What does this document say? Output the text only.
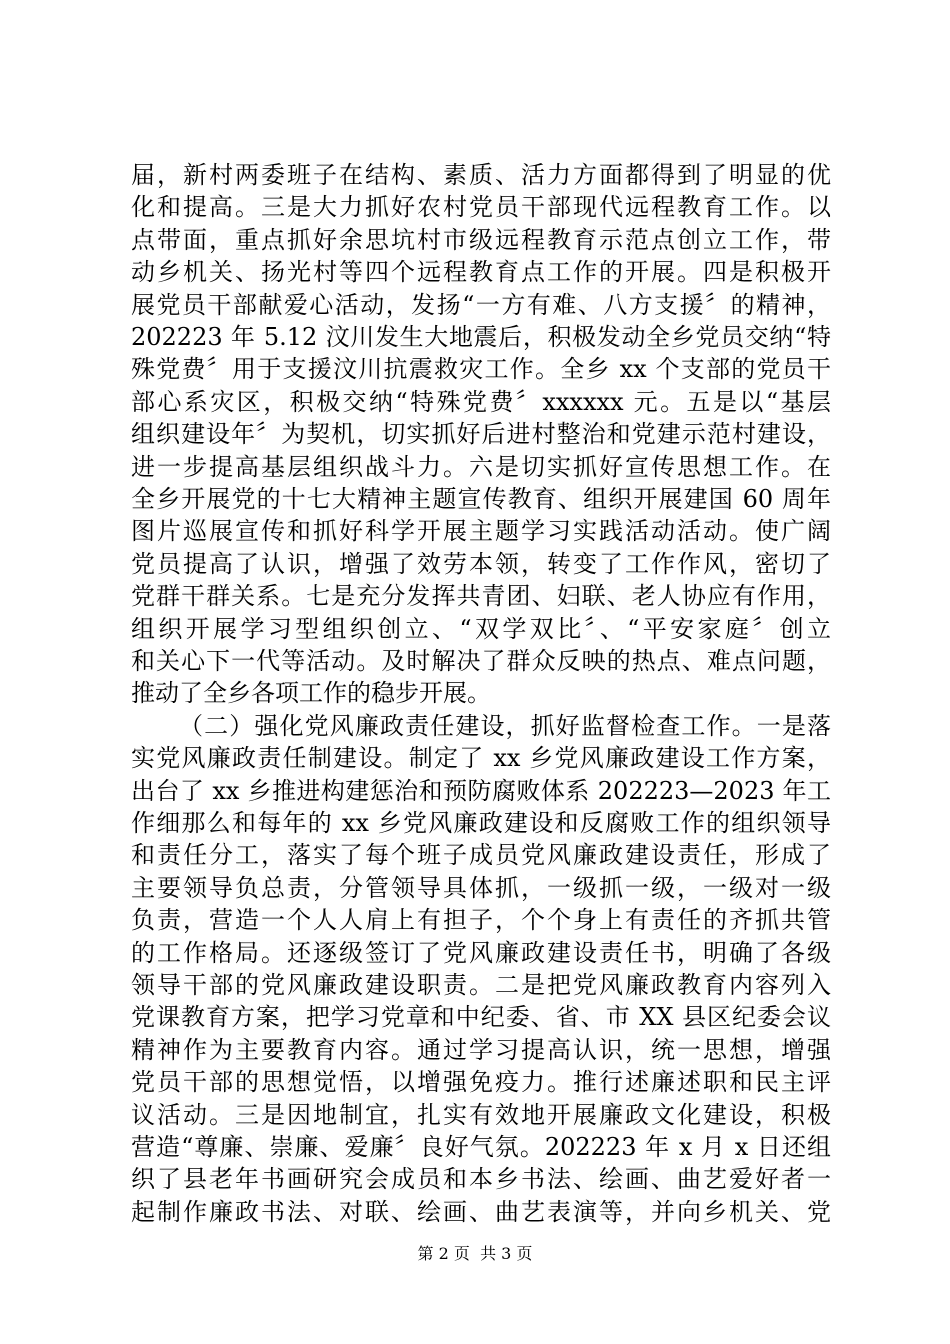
届，新村两委班子在结构、素质、活力方面都得到了明显的优
化和提高。三是大力抓好农村党员干部现代远程教育工作。以
点带面，重点抓好余思坑村市级远程教育示范点创立工作，带
动乡机关、扬光村等四个远程教育点工作的开展。四是积极开
展党员干部献爱心活动，发扬“一方有难、八方支援〞的精神，
202223 年 5.12 汶川发生大地震后，积极发动全乡党员交纳“特
殊党费〞用于支援汶川抗震救灾工作。全乡 xx 个支部的党员干
部心系灾区，积极交纳“特殊党费〞xxxxxx 元。五是以“基层
组织建设年〞为契机，切实抓好后进村整治和党建示范村建设，
进一步提高基层组织战斗力。六是切实抓好宣传思想工作。在
全乡开展党的十七大精神主题宣传教育、组织开展建国 60 周年
图片巡展宣传和抓好科学开展主题学习实践活动活动。使广阔
党员提高了认识，增强了效劳本领，转变了工作作风，密切了
党群干群关系。七是充分发挥共青团、妇联、老人协应有作用，
组织开展学习型组织创立、“双学双比〞、“平安家庭〞创立
和关心下一代等活动。及时解决了群众反映的热点、难点问题，
推动了全乡各项工作的稳步开展。
（二）强化党风廉政责任建设，抓好监督检查工作。一是落
实党风廉政责任制建设。制定了 xx 乡党风廉政建设工作方案，
出台了 xx 乡推进构建惩治和预防腐败体系 202223—2023 年工
作细那么和每年的 xx 乡党风廉政建设和反腐败工作的组织领导
和责任分工，落实了每个班子成员党风廉政建设责任，形成了
主要领导负总责，分管领导具体抓，一级抓一级，一级对一级
负责，营造一个人人肩上有担子，个个身上有责任的齐抓共管
的工作格局。还逐级签订了党风廉政建设责任书，明确了各级
领导干部的党风廉政建设职责。二是把党风廉政教育内容列入
党课教育方案，把学习党章和中纪委、省、市 XX 县区纪委会议
精神作为主要教育内容。通过学习提高认识，统一思想，增强
党员干部的思想觉悟，以增强免疫力。推行述廉述职和民主评
议活动。三是因地制宜，扎实有效地开展廉政文化建设，积极
营造“尊廉、崇廉、爱廉〞良好气氛。202223 年 x 月 x 日还组
织了县老年书画研究会成员和本乡书法、绘画、曲艺爱好者一
起制作廉政书法、对联、绘画、曲艺表演等，并向乡机关、党
第 2 页  共 3 页
